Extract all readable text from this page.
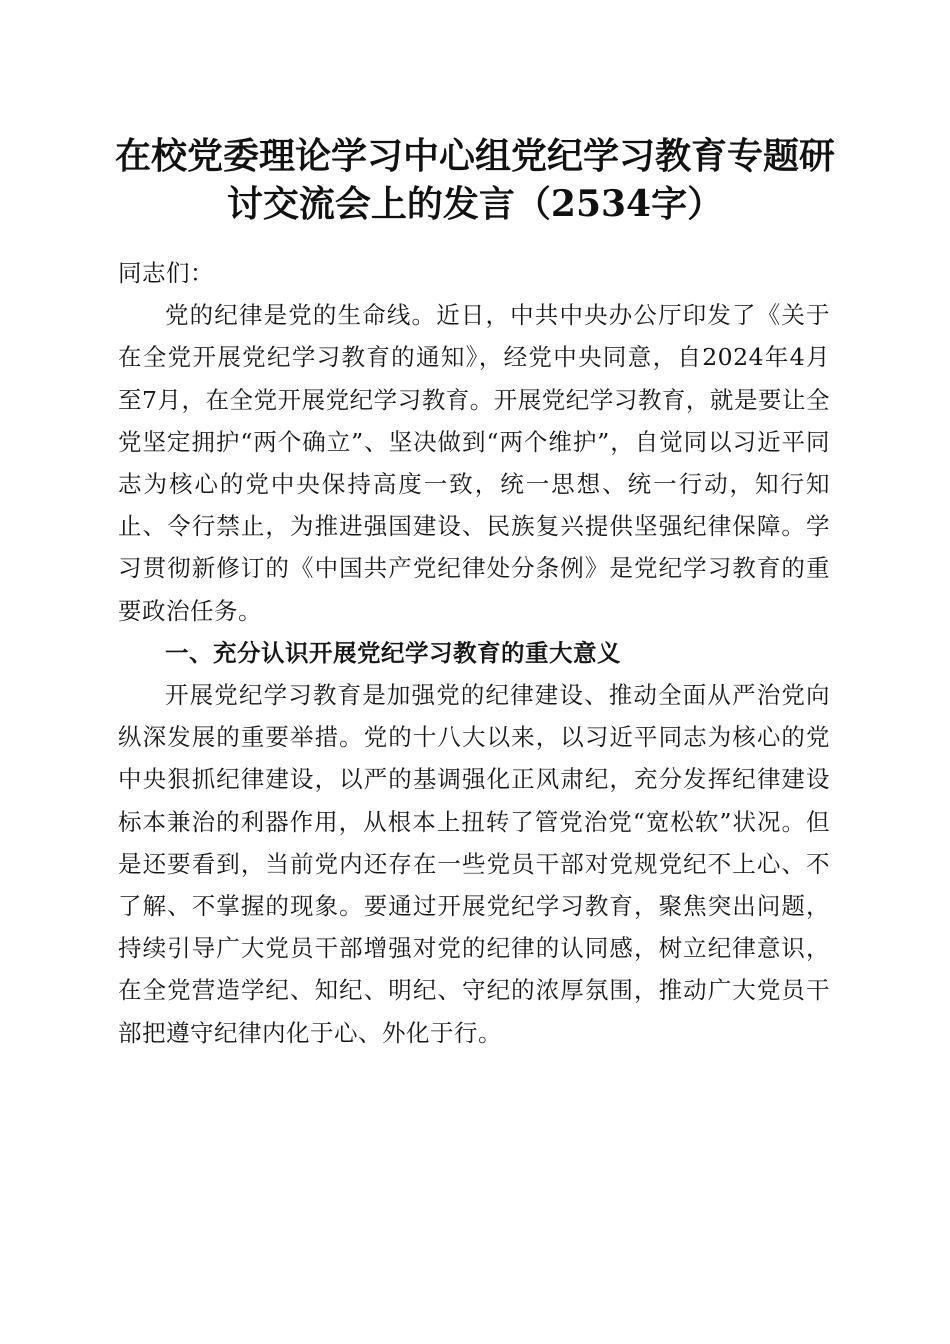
在校党委理论学习中心组党纪学习教育专题研
讨交流会上的发言（2534字）

同志们：

党的纪律是党的生命线。近日，中共中央办公厅印发了《关于在全党开展党纪学习教育的通知》，经党中央同意，自2024年4月至7月，在全党开展党纪学习教育。开展党纪学习教育，就是要让全党坚定拥护“两个确立”、坚决做到“两个维护”，自觉同以习近平同志为核心的党中央保持高度一致，统一思想、统一行动，知行知止、令行禁止，为推进强国建设、民族复兴提供坚强纪律保障。学习贯彻新修订的《中国共产党纪律处分条例》是党纪学习教育的重要政治任务。

一、充分认识开展党纪学习教育的重大意义

开展党纪学习教育是加强党的纪律建设、推动全面从严治党向纵深发展的重要举措。党的十八大以来，以习近平同志为核心的党中央狠抓纪律建设，以严的基调强化正风肃纪，充分发挥纪律建设标本兼治的利器作用，从根本上扭转了管党治党“宽松软”状况。但是还要看到，当前党内还存在一些党员干部对党规党纪不上心、不了解、不掌握的现象。要通过开展党纪学习教育，聚焦突出问题，持续引导广大党员干部增强对党的纪律的认同感，树立纪律意识，在全党营造学纪、知纪、明纪、守纪的浓厚氛围，推动广大党员干部把遵守纪律内化于心、外化于行。
